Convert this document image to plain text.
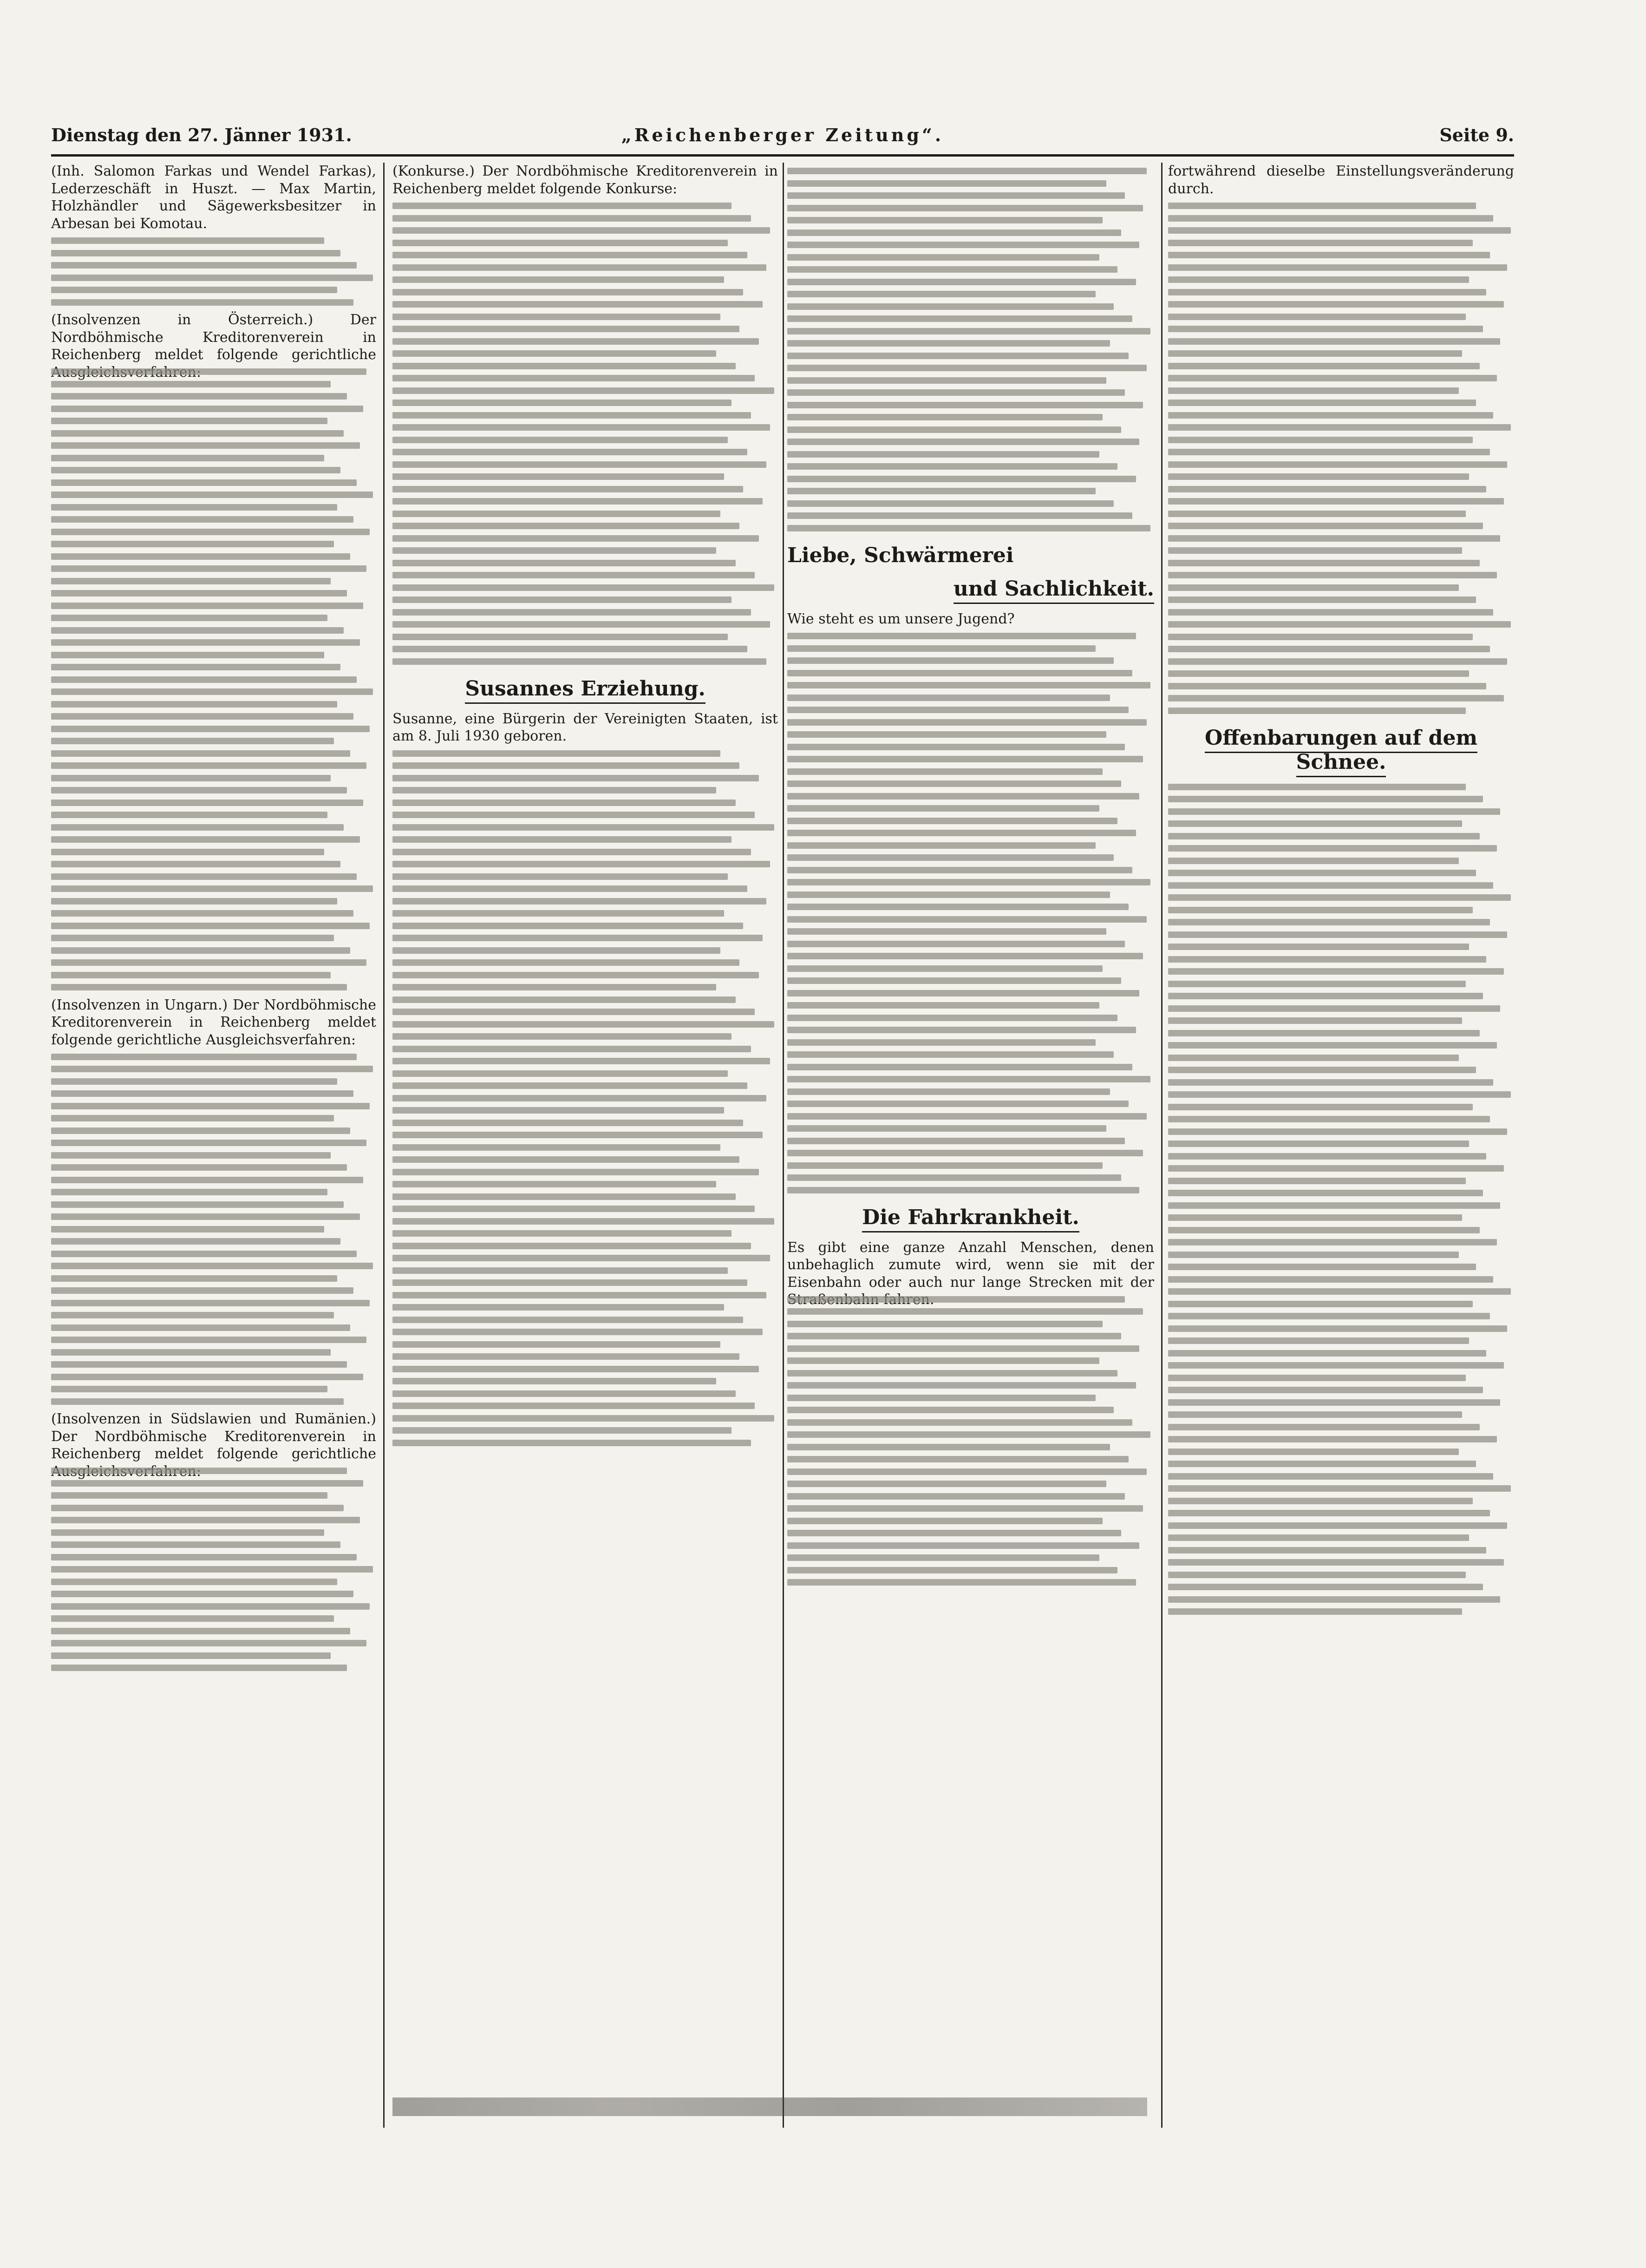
Dienstag den 27. Jänner 1931.	„Reichenberger Zeitung“.	Seite 9.

(Inh. Salomon Farkas und Wendel Farkas), Lederzeschäft in Huszt. — Max Martin, Holzhändler und Sägewerksbesitzer in Arbesan bei Komotau.

(Insolvenzen in Österreich.) Der Nordböhmische Kreditorenverein in Reichenberg meldet folgende gerichtliche

(Insolvenzen in Ungarn.) Der Nordböhmische Kreditorenverein in Reichenberg meldet folgende gerichtliche Ausgleichsverfahren:

(Insolvenzen in Südslawien und Rumänien.) Der Nordböhmische Kreditorenverein in Reichenberg meldet folgende gerichtliche

(Konkurse.) Der Nordböhmische Kreditorenverein in Reichenberg meldet folgende Konkurse:

Susannes Erziehung.

Susanne, eine Bürgerin der Vereinigten Staaten, ist am 8. Juli 1930 geboren.

Liebe, Schwärmerei
und Sachlichkeit.

Wie steht es um unsere Jugend?

Die Fahrkrankheit.

Es gibt eine ganze Anzahl Menschen, denen unbehaglich zumute wird, wenn sie mit der Eisenbahn oder auch nur lange Strecken mit der

fortwährend dieselbe Einstellungsveränderung durch.

Offenbarungen auf dem Schnee.
